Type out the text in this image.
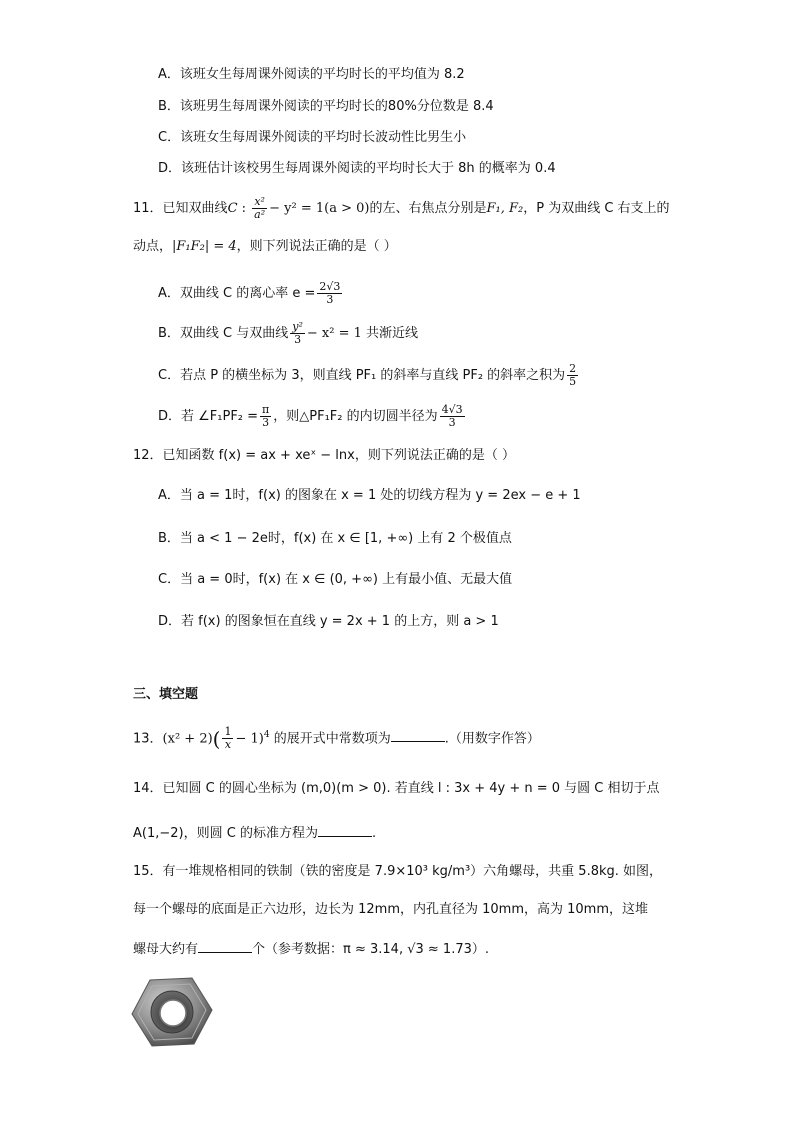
A．该班女生每周课外阅读的平均时长的平均值为 8.2
B．该班男生每周课外阅读的平均时长的80%分位数是 8.4
C．该班女生每周课外阅读的平均时长波动性比男生小
D．该班估计该校男生每周课外阅读的平均时长大于 8h 的概率为 0.4
11．已知双曲线C : $\frac{\text{x²}}{\text{a²}} - y^2 = 1(a > 0)$的左、右焦点分别是F₁, F₂，P 为双曲线 C 右支上的
动点，|F₁F₂| = 4，则下列说法正确的是（ ）
A．双曲线 C 的离心率 $e = \frac{2√3}{3}$
B．双曲线 C 与双曲线 $\frac{\text{y²}}{3} - x^2 = 1$ 共渐近线
C．若点 P 的横坐标为 3，则直线 PF₁ 的斜率与直线 PF₂ 的斜率之积为 $\frac{2}{5}$
D．若 ∠F₁PF₂ = $\frac{\pi}{3}$ ，则△PF₁F₂ 的内切圆半径为 $\frac{4√3}{3}$
12．已知函数 f(x) = ax + xeˣ − lnx，则下列说法正确的是（ ）
A．当 a = 1时，f(x) 的图象在 x = 1 处的切线方程为 y = 2ex − e + 1
B．当 a < 1 − 2e时，f(x) 在 x ∈ [1, +∞) 上有 2 个极值点
C．当 a = 0时，f(x) 在 x ∈ (0, +∞) 上有最小值、无最大值
D．若 f(x) 的图象恒在直线 y = 2x + 1 的上方，则 a > 1
三、填空题
13．$(x^2 + 2)( \frac{1}{x} - 1)^4$ 的展开式中常数项为	.（用数字作答）
14．已知圆 C 的圆心坐标为 (m,0)(m > 0). 若直线 l : 3x + 4y + n = 0 与圆 C 相切于点
A(1,−2)，则圆 C 的标准方程为	.
15．有一堆规格相同的铁制（铁的密度是 7.9×10³ kg/m³）六角螺母，共重 5.8kg. 如图，
每一个螺母的底面是正六边形，边长为 12mm，内孔直径为 10mm，高为 10mm，这堆
螺母大约有	个（参考数据：π ≈ 3.14, √3 ≈ 1.73）.
